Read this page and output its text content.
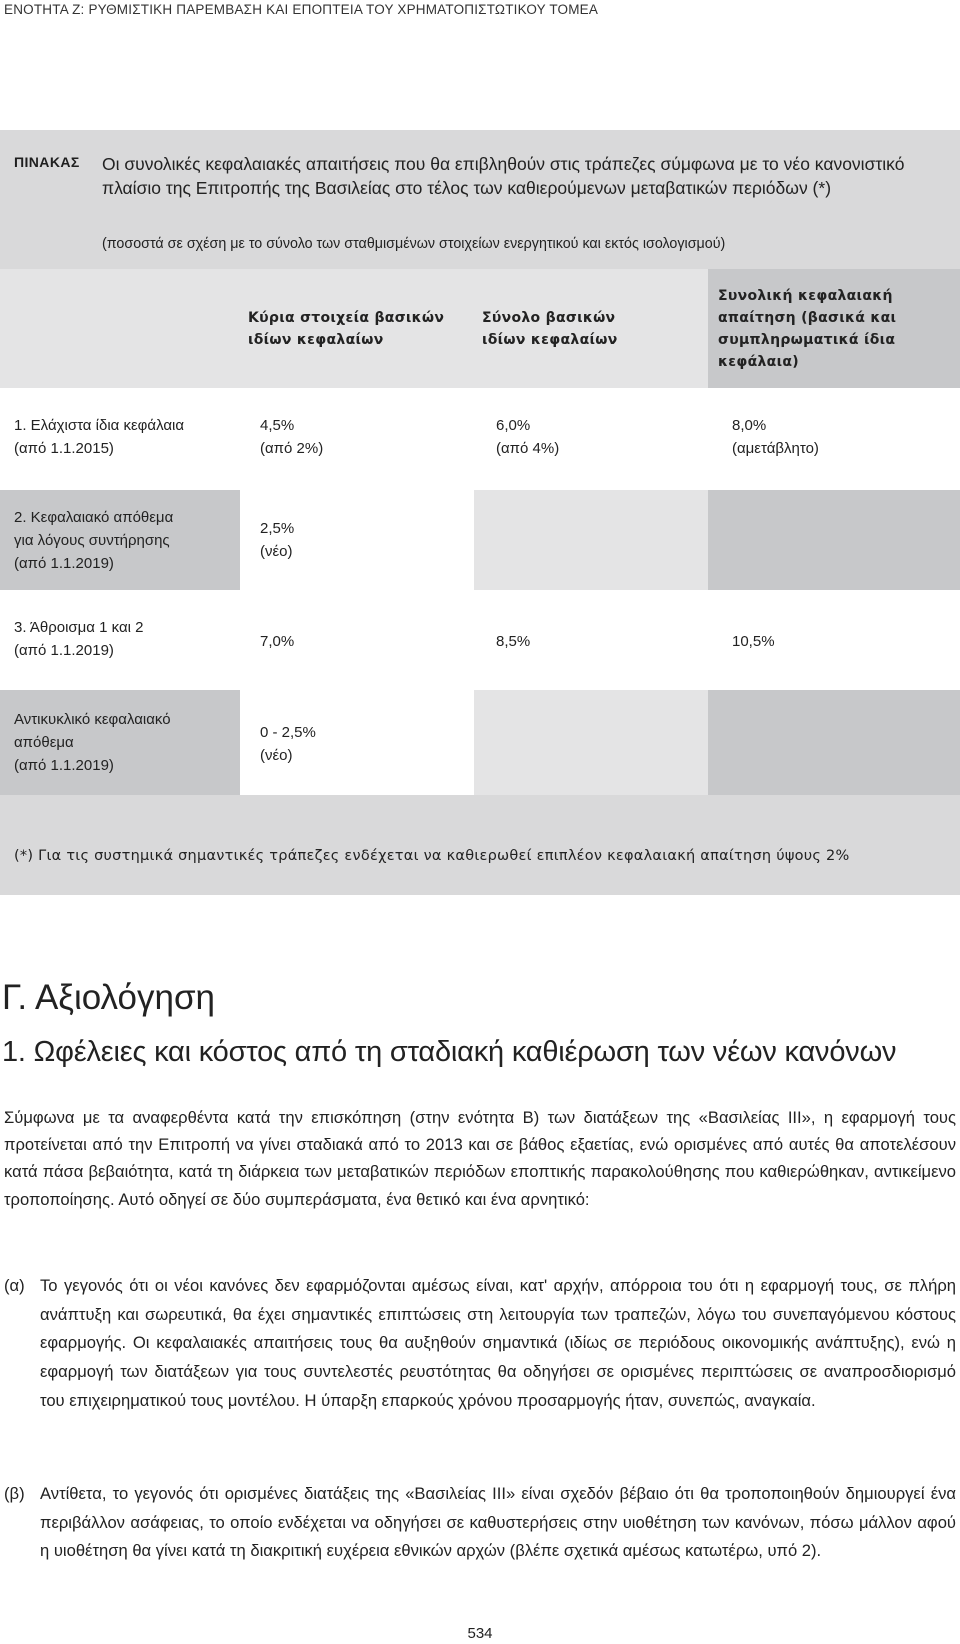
ΕΝΟΤΗΤΑ Ζ: ΡΥΘΜΙΣΤΙΚΗ ΠΑΡΕΜΒΑΣΗ ΚΑΙ ΕΠΟΠΤΕΙΑ ΤΟΥ ΧΡΗΜΑΤΟΠΙΣΤΩΤΙΚΟΥ ΤΟΜΕΑ
ΠΙΝΑΚΑΣ Οι συνολικές κεφαλαιακές απαιτήσεις που θα επιβληθούν στις τράπεζες σύμφωνα με το νέο κανονιστικό πλαίσιο της Επιτροπής της Βασιλείας στο τέλος των καθιερούμενων μεταβατικών περιόδων (*)
(ποσοστά σε σχέση με το σύνολο των σταθμισμένων στοιχείων ενεργητικού και εκτός ισολογισμού)
Κύρια στοιχεία βασικών ιδίων κεφαλαίων
Σύνολο βασικών ιδίων κεφαλαίων
Συνολική κεφαλαιακή απαίτηση (βασικά και συμπληρωματικά ίδια κεφάλαια)
1. Ελάχιστα ίδια κεφάλαια
(από 1.1.2015)
4,5%
(από 2%)
6,0%
(από 4%)
8,0%
(αμετάβλητο)
2. Κεφαλαιακό απόθεμα
για λόγους συντήρησης
(από 1.1.2019)
2,5%
(νέο)
3. Άθροισμα 1 και 2
(από 1.1.2019)
7,0%	8,5%	10,5%
Αντικυκλικό κεφαλαιακό
απόθεμα
(από 1.1.2019)
0 - 2,5%
(νέο)
(*) Για τις συστημικά σημαντικές τράπεζες ενδέχεται να καθιερωθεί επιπλέον κεφαλαιακή απαίτηση ύψους 2%
Γ. Αξιολόγηση
1. Ωφέλειες και κόστος από τη σταδιακή καθιέρωση των νέων κανόνων
Σύμφωνα με τα αναφερθέντα κατά την επισκόπηση (στην ενότητα Β) των διατάξεων της «Βασιλείας ΙΙΙ», η εφαρμογή τους προτείνεται από την Επιτροπή να γίνει σταδιακά από το 2013 και σε βάθος εξαετίας, ενώ ορισμένες από αυτές θα αποτελέσουν κατά πάσα βεβαιότητα, κατά τη διάρκεια των μεταβατικών περιόδων εποπτικής παρακολούθησης που καθιερώθηκαν, αντικείμενο τροποποίησης. Αυτό οδηγεί σε δύο συμπεράσματα, ένα θετικό και ένα αρνητικό:
(α) Το γεγονός ότι οι νέοι κανόνες δεν εφαρμόζονται αμέσως είναι, κατ' αρχήν, απόρροια του ότι η εφαρμογή τους, σε πλήρη ανάπτυξη και σωρευτικά, θα έχει σημαντικές επιπτώσεις στη λειτουργία των τραπεζών, λόγω του συνεπαγόμενου κόστους εφαρμογής. Οι κεφαλαιακές απαιτήσεις τους θα αυξηθούν σημαντικά (ιδίως σε περιόδους οικονομικής ανάπτυξης), ενώ η εφαρμογή των διατάξεων για τους συντελεστές ρευστότητας θα οδηγήσει σε ορισμένες περιπτώσεις σε αναπροσδιορισμό του επιχειρηματικού τους μοντέλου. Η ύπαρξη επαρκούς χρόνου προσαρμογής ήταν, συνεπώς, αναγκαία.
(β) Αντίθετα, το γεγονός ότι ορισμένες διατάξεις της «Βασιλείας ΙΙΙ» είναι σχεδόν βέβαιο ότι θα τροποποιηθούν δημιουργεί ένα περιβάλλον ασάφειας, το οποίο ενδέχεται να οδηγήσει σε καθυστερήσεις στην υιοθέτηση των κανόνων, πόσω μάλλον αφού η υιοθέτηση θα γίνει κατά τη διακριτική ευχέρεια εθνικών αρχών (βλέπε σχετικά αμέσως κατωτέρω, υπό 2).
534
